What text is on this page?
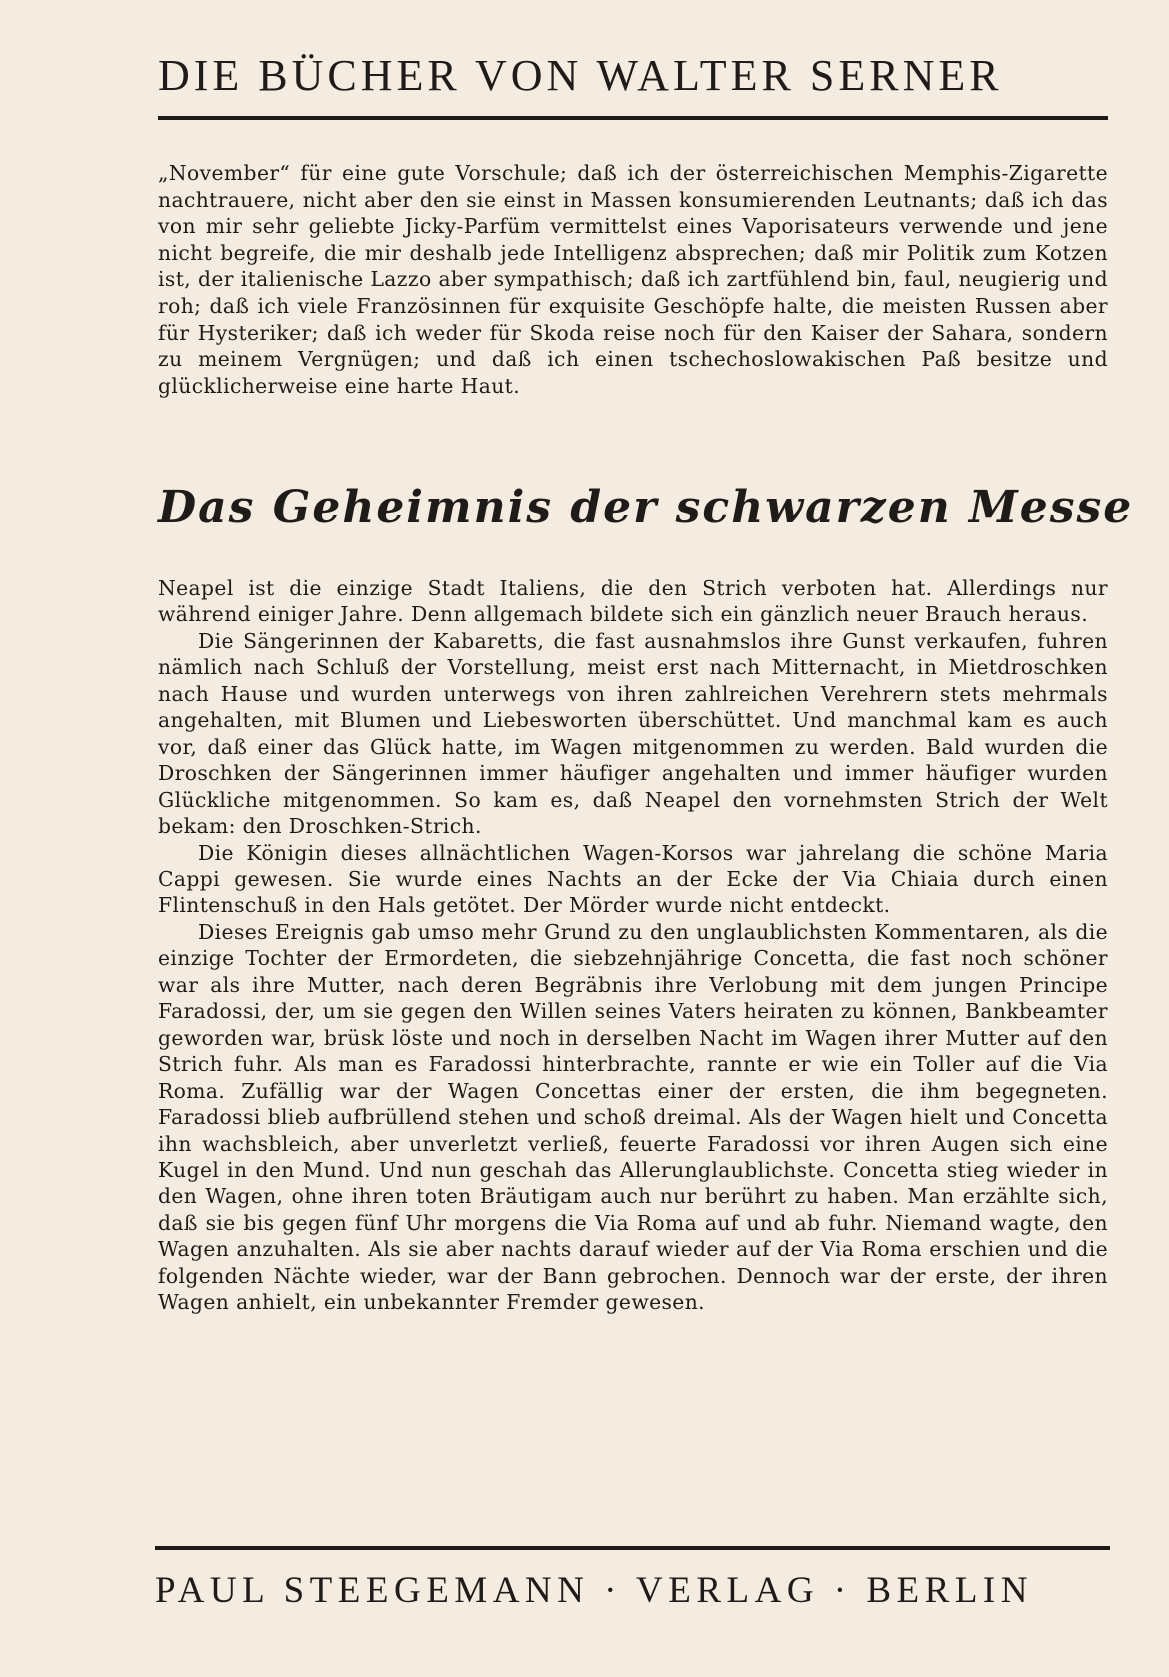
DIE BÜCHER VON WALTER SERNER

„November“ für eine gute Vorschule; daß ich der österreichischen Memphis-Zigarette nachtrauere, nicht aber den sie einst in Massen konsumierenden Leutnants; daß ich das von mir sehr geliebte Jicky-Parfüm vermittelst eines Vaporisateurs verwende und jene nicht begreife, die mir deshalb jede Intelligenz absprechen; daß mir Politik zum Kotzen ist, der italienische Lazzo aber sympathisch; daß ich zartfühlend bin, faul, neugierig und roh; daß ich viele Französinnen für exquisite Geschöpfe halte, die meisten Russen aber für Hysteriker; daß ich weder für Skoda reise noch für den Kaiser der Sahara, sondern zu meinem Vergnügen; und daß ich einen tschechoslowakischen Paß besitze und glücklicherweise eine harte Haut.

Das Geheimnis der schwarzen Messe

Neapel ist die einzige Stadt Italiens, die den Strich verboten hat. Allerdings nur während einiger Jahre. Denn allgemach bildete sich ein gänzlich neuer Brauch heraus.

Die Sängerinnen der Kabaretts, die fast ausnahmslos ihre Gunst verkaufen, fuhren nämlich nach Schluß der Vorstellung, meist erst nach Mitternacht, in Mietdroschken nach Hause und wurden unterwegs von ihren zahlreichen Verehrern stets mehrmals angehalten, mit Blumen und Liebesworten überschüttet. Und manchmal kam es auch vor, daß einer das Glück hatte, im Wagen mitgenommen zu werden. Bald wurden die Droschken der Sängerinnen immer häufiger angehalten und immer häufiger wurden Glückliche mitgenommen. So kam es, daß Neapel den vornehmsten Strich der Welt bekam: den Droschken-Strich.

Die Königin dieses allnächtlichen Wagen-Korsos war jahrelang die schöne Maria Cappi gewesen. Sie wurde eines Nachts an der Ecke der Via Chiaia durch einen Flintenschuß in den Hals getötet. Der Mörder wurde nicht entdeckt.

Dieses Ereignis gab umso mehr Grund zu den unglaublichsten Kommentaren, als die einzige Tochter der Ermordeten, die siebzehnjährige Concetta, die fast noch schöner war als ihre Mutter, nach deren Begräbnis ihre Verlobung mit dem jungen Principe Faradossi, der, um sie gegen den Willen seines Vaters heiraten zu können, Bankbeamter geworden war, brüsk löste und noch in derselben Nacht im Wagen ihrer Mutter auf den Strich fuhr. Als man es Faradossi hinterbrachte, rannte er wie ein Toller auf die Via Roma. Zufällig war der Wagen Concettas einer der ersten, die ihm begegneten. Faradossi blieb aufbrüllend stehen und schoß dreimal. Als der Wagen hielt und Concetta ihn wachsbleich, aber unverletzt verließ, feuerte Faradossi vor ihren Augen sich eine Kugel in den Mund. Und nun geschah das Allerunglaublichste. Concetta stieg wieder in den Wagen, ohne ihren toten Bräutigam auch nur berührt zu haben. Man erzählte sich, daß sie bis gegen fünf Uhr morgens die Via Roma auf und ab fuhr. Niemand wagte, den Wagen anzuhalten. Als sie aber nachts darauf wieder auf der Via Roma erschien und die folgenden Nächte wieder, war der Bann gebrochen. Dennoch war der erste, der ihren Wagen anhielt, ein unbekannter Fremder gewesen.

PAUL STEEGEMANN · VERLAG · BERLIN
